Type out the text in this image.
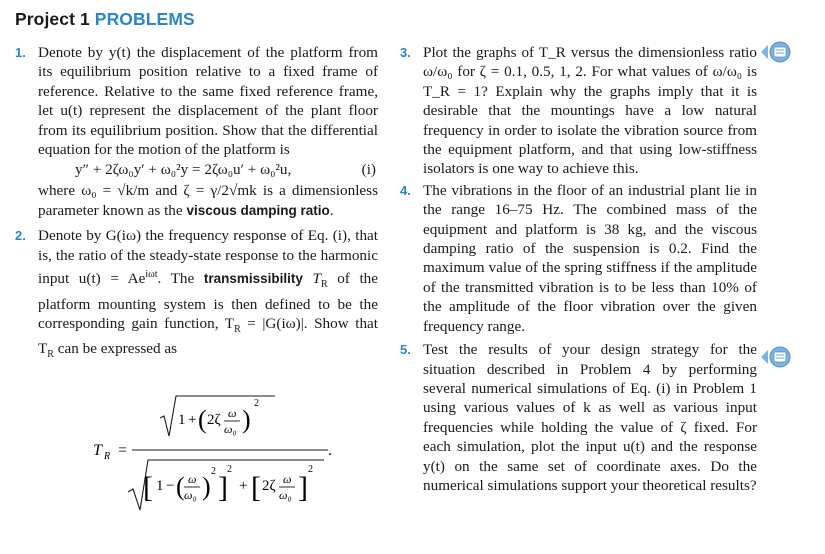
Project 1 PROBLEMS
1. Denote by y(t) the displacement of the platform from its equilibrium position relative to a fixed frame of reference. Relative to the same fixed reference frame, let u(t) represent the displacement of the plant floor from its equilibrium position. Show that the differential equation for the motion of the platform is
y″ + 2ζω₀y′ + ω₀²y = 2ζω₀u′ + ω₀²u,	(i)
where ω₀ = √k/m and ζ = γ/2√mk is a dimensionless parameter known as the viscous damping ratio.
2. Denote by G(iω) the frequency response of Eq. (i), that is, the ratio of the steady-state response to the harmonic input $u(t) = Ae^{i\omega t}$. The transmissibility $T_R$ of the platform mounting system is then defined to be the corresponding gain function, $T_R = |G(i\omega)|$. Show that $T_R$ can be expressed as
T R =
1 + ( 2ζ ω
ω₀ )
2
.
[ 1 − ( ω
ω₀ )
2 ]
2
+ [ 2ζ ω
ω₀ ]
2
3. Plot the graphs of T_R versus the dimensionless ratio ω/ω₀ for ζ = 0.1, 0.5, 1, 2. For what values of ω/ω₀ is T_R = 1? Explain why the graphs imply that it is desirable that the mountings have a low natural frequency in order to isolate the vibration source from the equipment platform, and that using low-stiffness isolators is one way to achieve this.
4. The vibrations in the floor of an industrial plant lie in the range 16–75 Hz. The combined mass of the equipment and platform is 38 kg, and the viscous damping ratio of the suspension is 0.2. Find the maximum value of the spring stiffness if the amplitude of the transmitted vibration is to be less than 10% of the amplitude of the floor vibration over the given frequency range.
5. Test the results of your design strategy for the situation described in Problem 4 by performing several numerical simulations of Eq. (i) in Problem 1 using various values of k as well as various input frequencies while holding the value of ζ fixed. For each simulation, plot the input u(t) and the response y(t) on the same set of coordinate axes. Do the numerical simulations support your theoretical results?
